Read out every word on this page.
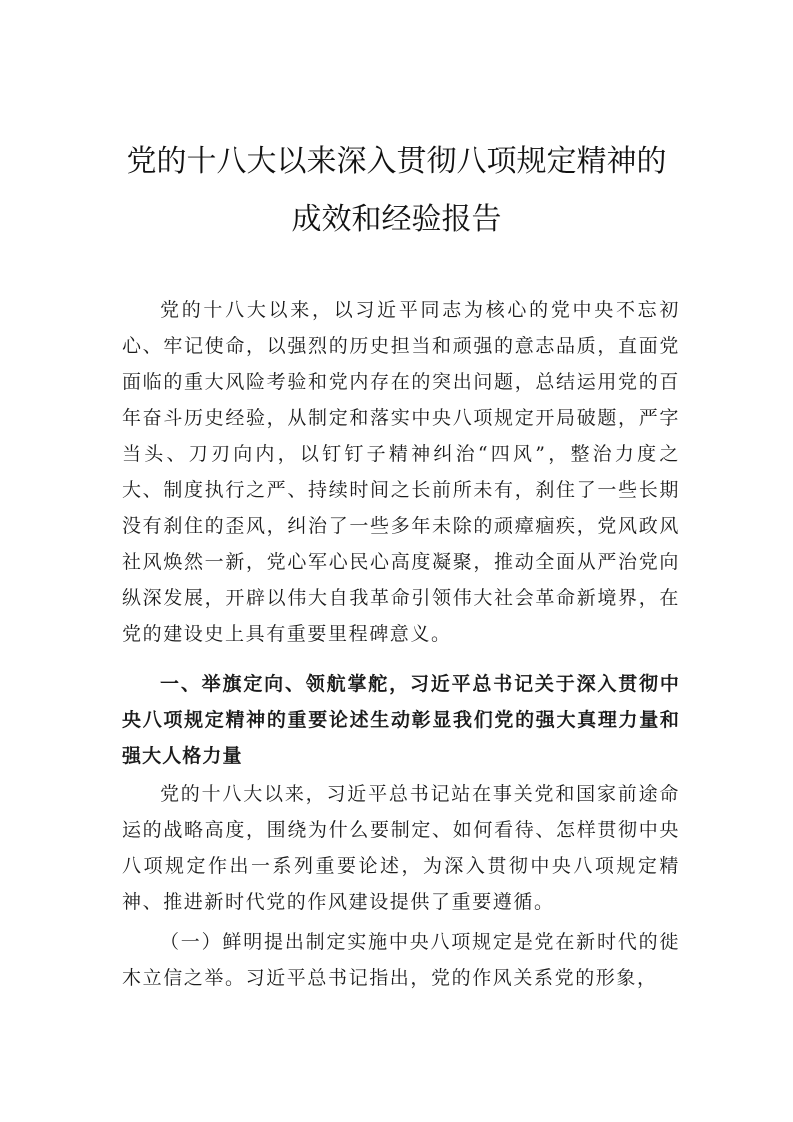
党的十八大以来深入贯彻八项规定精神的
成效和经验报告
党的十八大以来，以习近平同志为核心的党中央不忘初心、牢记使命，以强烈的历史担当和顽强的意志品质，直面党面临的重大风险考验和党内存在的突出问题，总结运用党的百年奋斗历史经验，从制定和落实中央八项规定开局破题，严字当头、刀刃向内，以钉钉子精神纠治“四风”，整治力度之大、制度执行之严、持续时间之长前所未有，刹住了一些长期没有刹住的歪风，纠治了一些多年未除的顽瘴痼疾，党风政风社风焕然一新，党心军心民心高度凝聚，推动全面从严治党向纵深发展，开辟以伟大自我革命引领伟大社会革命新境界，在党的建设史上具有重要里程碑意义。
一、举旗定向、领航掌舵，习近平总书记关于深入贯彻中央八项规定精神的重要论述生动彰显我们党的强大真理力量和强大人格力量
党的十八大以来，习近平总书记站在事关党和国家前途命运的战略高度，围绕为什么要制定、如何看待、怎样贯彻中央八项规定作出一系列重要论述，为深入贯彻中央八项规定精神、推进新时代党的作风建设提供了重要遵循。
（一）鲜明提出制定实施中央八项规定是党在新时代的徙木立信之举。习近平总书记指出，党的作风关系党的形象，
